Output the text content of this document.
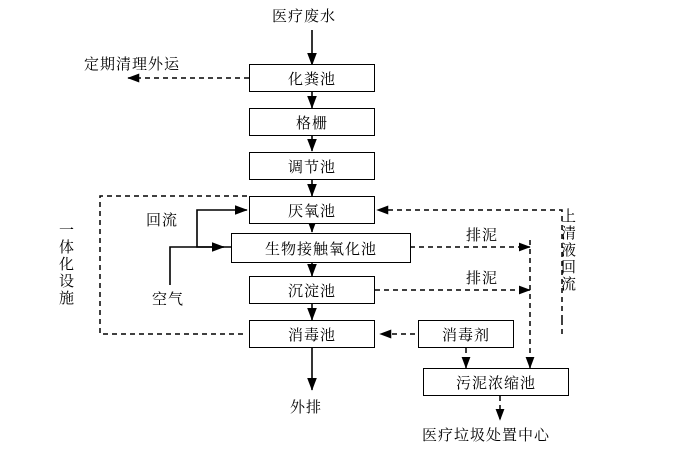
化粪池
格栅
调节池
厌氧池
生物接触氧化池
沉淀池
消毒池	消毒剂
污泥浓缩池
医疗废水
定期清理外运
回流
空气
排泥
排泥	上清液回流
一体化设施
外排
医疗垃圾处置中心
